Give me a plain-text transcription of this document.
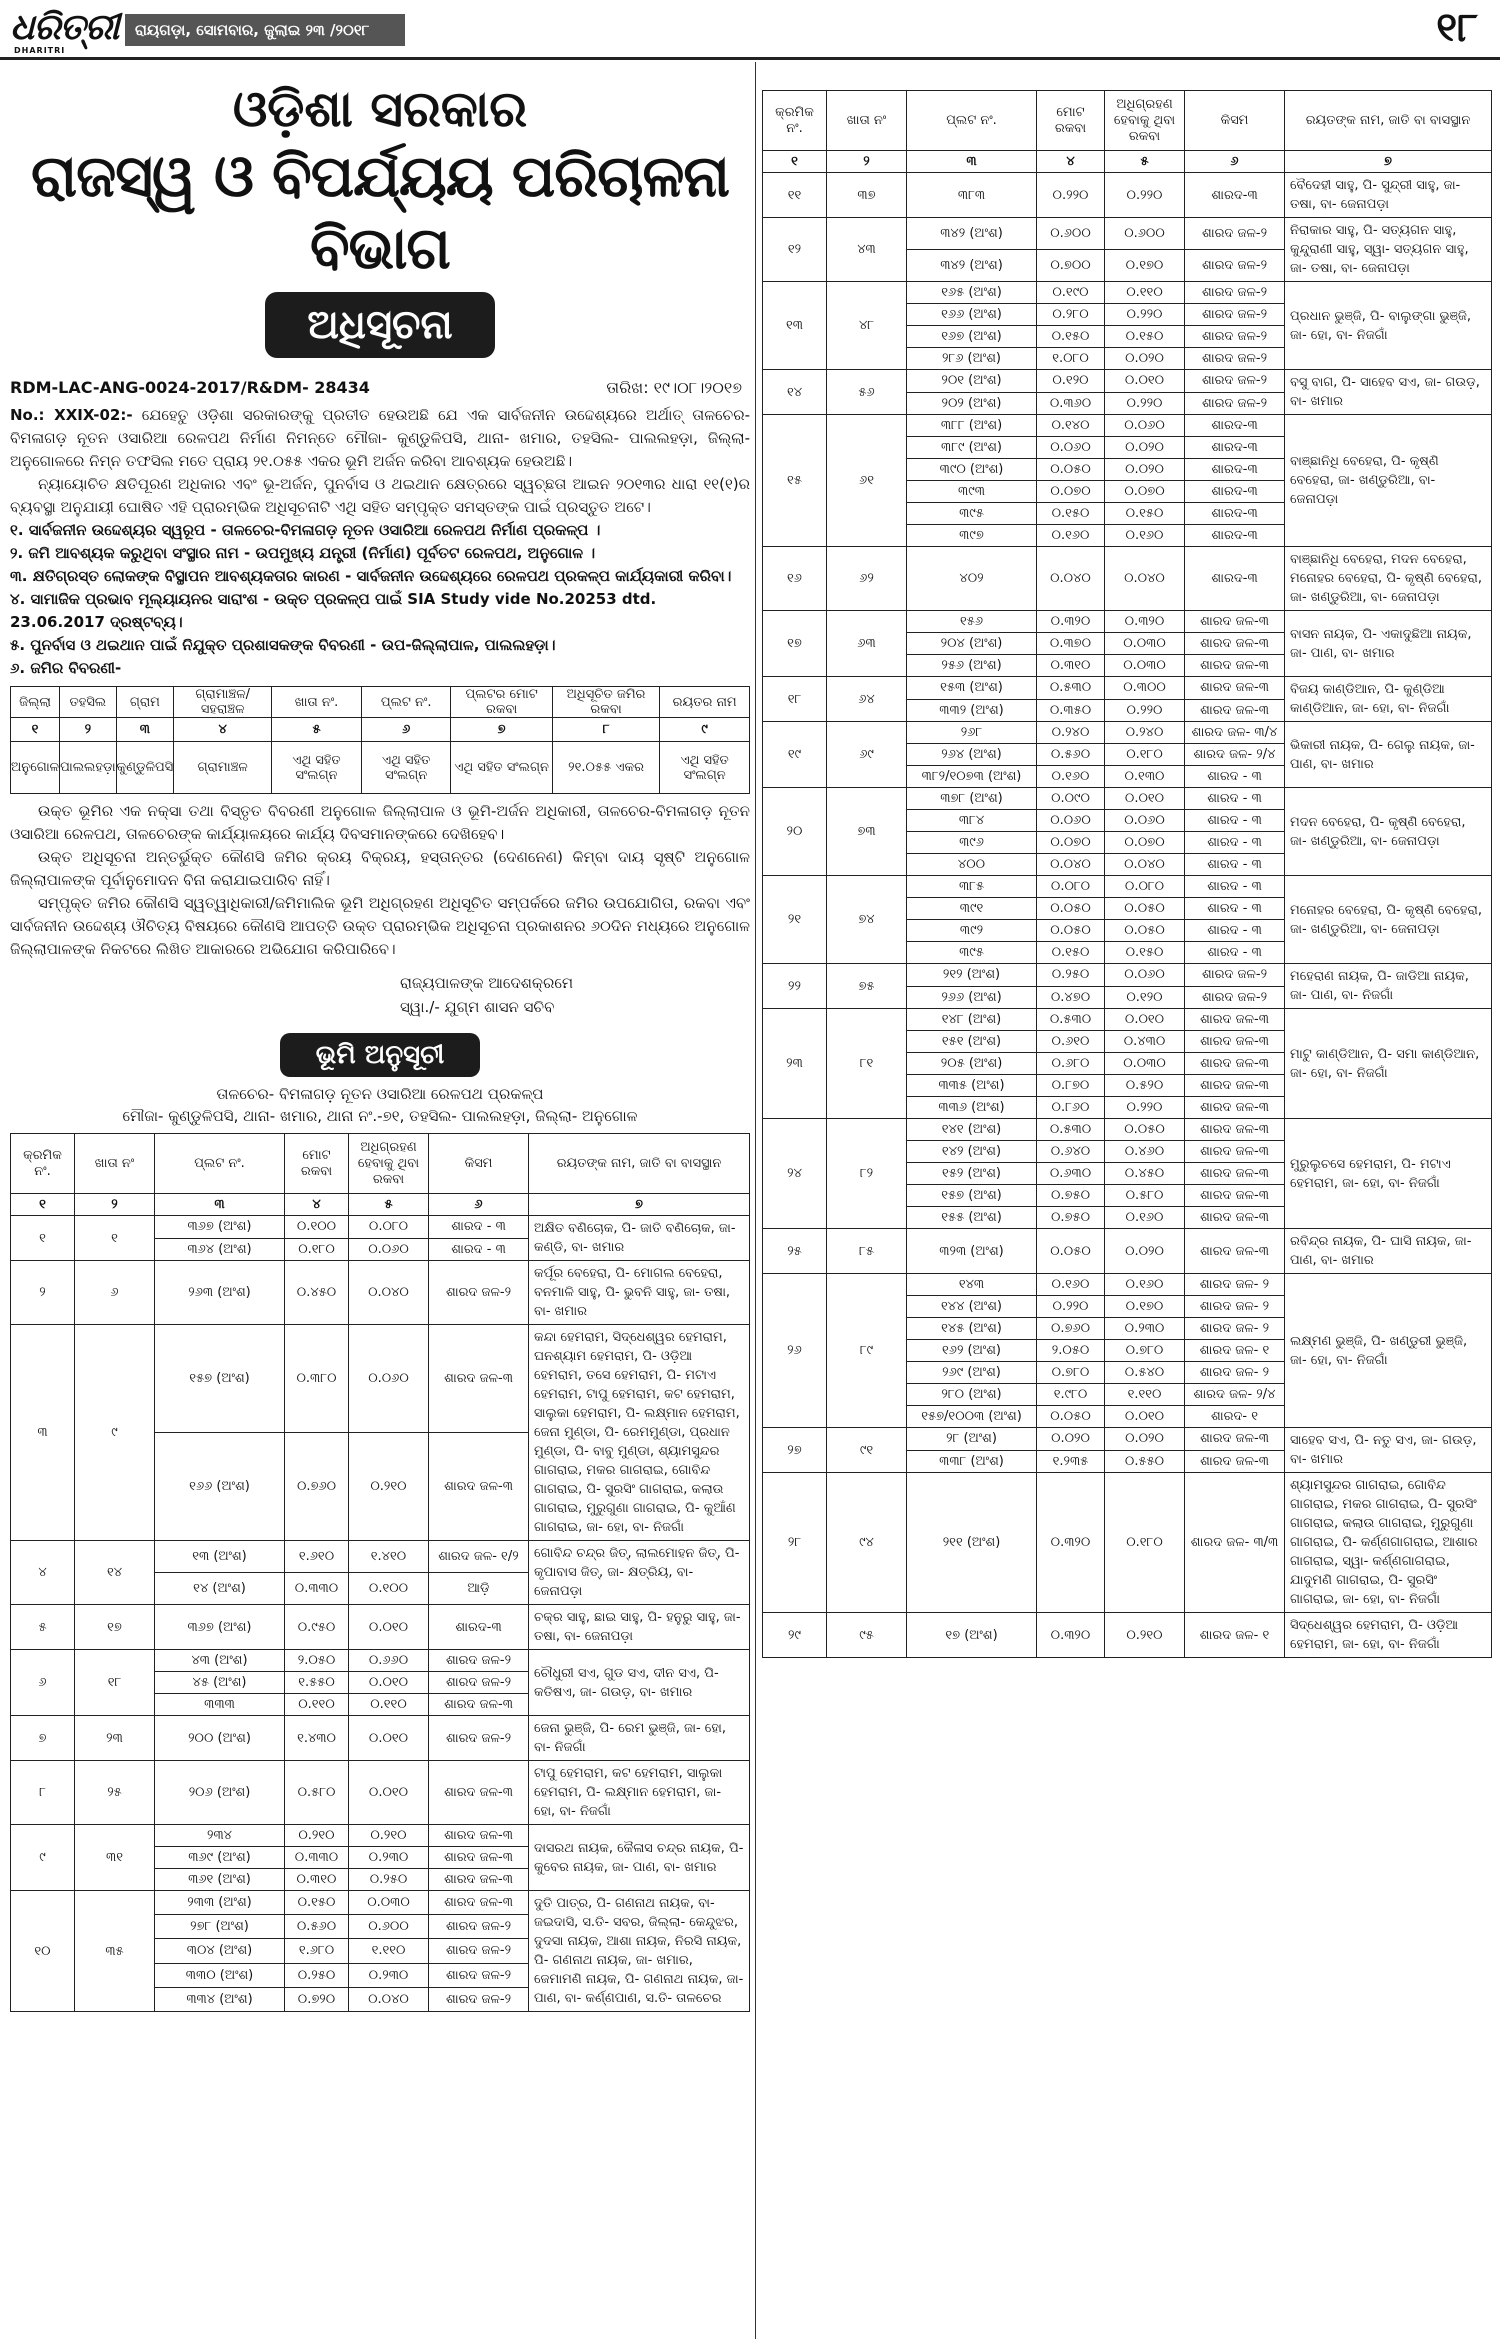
ଧରିତ୍ରୀ
DHARITRI
ରାୟଗଡ଼ା, ସୋମବାର, ଜୁଲାଇ ୨୩ /୨୦୧୮	୧୮
ଓଡ଼ିଶା ସରକାର
ରାଜସ୍ୱ ଓ ବିପର୍ଯ୍ୟୟ ପରିଚାଳନା ବିଭାଗ
ଅଧିସୂଚନା
RDM-LAC-ANG-0024-2017/R&DM- 28434	ତାରିଖ: ୧୯।୦୮।୨୦୧୭
No.: XXIX-02:- ଯେହେତୁ ଓଡ଼ିଶା ସରକାରଙ୍କୁ ପ୍ରତୀତ ହେଉଅଛି ଯେ ଏକ ସାର୍ବଜନୀନ ଉଦ୍ଦେଶ୍ୟରେ ଅର୍ଥାତ୍ ତାଳଚେର-ବିମଳାଗଡ଼ ନୂତନ ଓସାରିଆ ରେଳପଥ ନିର୍ମାଣ ନିମନ୍ତେ ମୌଜା- କୁଣ୍ଡୁଳିପସି, ଥାନା- ଖମାର, ତହସିଲ- ପାଲଲହଡ଼ା, ଜିଲ୍ଲା- ଅନୁଗୋଳରେ ନିମ୍ନ ତଫସିଲ ମତେ ପ୍ରାୟ ୨୧.୦୫୫ ଏକର ଭୂମି ଅର୍ଜନ କରିବା ଆବଶ୍ୟକ ହେଉଅଛି।
ନ୍ୟାୟୋଚିତ କ୍ଷତିପୂରଣ ଅଧିକାର ଏବଂ ଭୂ-ଅର୍ଜନ, ପୁନର୍ବାସ ଓ ଥଇଥାନ କ୍ଷେତ୍ରରେ ସ୍ୱଚ୍ଛତା ଆଇନ ୨୦୧୩ର ଧାରା ୧୧(୧)ର ବ୍ୟବସ୍ଥା ଅନୁଯାୟୀ ଘୋଷିତ ଏହି ପ୍ରାରମ୍ଭିକ ଅଧିସୂଚନାଟି ଏଥି ସହିତ ସମ୍ପୃକ୍ତ ସମସ୍ତଙ୍କ ପାଇଁ ପ୍ରସ୍ତୁତ ଅଟେ।
୧. ସାର୍ବଜନୀନ ଉଦ୍ଦେଶ୍ୟର ସ୍ୱରୂପ - ତାଳଚେର-ବିମଳାଗଡ଼ ନୂତନ ଓସାରିଆ ରେଳପଥ ନିର୍ମାଣ ପ୍ରକଳ୍ପ ।
୨. ଜମି ଆବଶ୍ୟକ କରୁଥିବା ସଂସ୍ଥାର ନାମ - ଉପମୁଖ୍ୟ ଯନ୍ତ୍ରୀ (ନିର୍ମାଣ) ପୂର୍ବତଟ ରେଳପଥ, ଅନୁଗୋଳ ।
୩. କ୍ଷତିଗ୍ରସ୍ତ ଲୋକଙ୍କ ବିସ୍ଥାପନ ଆବଶ୍ୟକତାର କାରଣ - ସାର୍ବଜନୀନ ଉଦ୍ଦେଶ୍ୟରେ ରେଳପଥ ପ୍ରକଳ୍ପ କାର୍ଯ୍ୟକାରୀ କରିବା।
୪. ସାମାଜିକ ପ୍ରଭାବ ମୂଲ୍ୟାୟନର ସାରାଂଶ - ଉକ୍ତ ପ୍ରକଳ୍ପ ପାଇଁ SIA Study vide No.20253 dtd. 23.06.2017 ଦ୍ରଷ୍ଟବ୍ୟ।
୫. ପୁନର୍ବାସ ଓ ଥଇଥାନ ପାଇଁ ନିଯୁକ୍ତ ପ୍ରଶାସକଙ୍କ ବିବରଣୀ - ଉପ-ଜିଲ୍ଲାପାଳ, ପାଲଲହଡ଼ା।
୬. ଜମିର ବିବରଣୀ-
ଜିଲ୍ଲା	ତହସିଲ	ଗ୍ରାମ	ଗ୍ରାମାଞ୍ଚଳ/ ସହରାଞ୍ଚଳ	ଖାତା ନଂ.	ପ୍ଲଟ ନଂ.	ପ୍ଲଟର ମୋଟ ରକବା	ଅଧିସୂଚିତ ଜମିର ରକବା	ରୟତର ନାମ
୧	୨	୩	୪	୫	୬	୭	୮	୯
ଅନୁଗୋଳ	ପାଲଲହଡ଼ା	କୁଣ୍ଡୁଳିପସି	ଗ୍ରାମାଞ୍ଚଳ	ଏଥି ସହିତ ସଂଲଗ୍ନ	ଏଥି ସହିତ ସଂଲଗ୍ନ	ଏଥି ସହିତ ସଂଲଗ୍ନ	୨୧.୦୫୫ ଏକର	ଏଥି ସହିତ ସଂଲଗ୍ନ
ଉକ୍ତ ଭୂମିର ଏକ ନକ୍ସା ତଥା ବିସ୍ତୃତ ବିବରଣୀ ଅନୁଗୋଳ ଜିଲ୍ଲାପାଳ ଓ ଭୂମି-ଅର୍ଜନ ଅଧିକାରୀ, ତାଳଚେର-ବିମଳାଗଡ଼ ନୂତନ ଓସାରିଆ ରେଳପଥ, ତାଳଚେରଙ୍କ କାର୍ଯ୍ୟାଳୟରେ କାର୍ଯ୍ୟ ଦିବସମାନଙ୍କରେ ଦେଖିହେବ।
ଉକ୍ତ ଅଧିସୂଚନା ଅନ୍ତର୍ଭୁକ୍ତ କୌଣସି ଜମିର କ୍ରୟ ବିକ୍ରୟ, ହସ୍ତାନ୍ତର (ଦେଣନେଣ) କିମ୍ବା ଦାୟ ସୃଷ୍ଟି ଅନୁଗୋଳ ଜିଲ୍ଲାପାଳଙ୍କ ପୂର୍ବାନୁମୋଦନ ବିନା କରାଯାଇପାରିବ ନାହିଁ।
ସମ୍ପୃକ୍ତ ଜମିର କୌଣସି ସ୍ୱତ୍ୱାଧିକାରୀ/ଜମିମାଲିକ ଭୂମି ଅଧିଗ୍ରହଣ ଅଧିସୂଚିତ ସମ୍ପର୍କରେ ଜମିର ଉପଯୋଗିତା, ରକବା ଏବଂ ସାର୍ବଜନୀନ ଉଦ୍ଦେଶ୍ୟ ଔଚିତ୍ୟ ବିଷୟରେ କୌଣସି ଆପତ୍ତି ଉକ୍ତ ପ୍ରାରମ୍ଭିକ ଅଧିସୂଚନା ପ୍ରକାଶନର ୬୦ଦିନ ମଧ୍ୟରେ ଅନୁଗୋଳ ଜିଲ୍ଲାପାଳଙ୍କ ନିକଟରେ ଲିଖିତ ଆକାରରେ ଅଭିଯୋଗ କରିପାରିବେ।
ରାଜ୍ୟପାଳଙ୍କ ଆଦେଶକ୍ରମେ
ସ୍ୱା./- ଯୁଗ୍ମ ଶାସନ ସଚିବ
ଭୂମି ଅନୁସୂଚୀ
ତାଳଚେର- ବିମଳାଗଡ଼ ନୂତନ ଓସାରିଆ ରେଳପଥ ପ୍ରକଳ୍ପ
ମୌଜା- କୁଣ୍ଡୁଳିପସି, ଥାନା- ଖମାର, ଥାନା ନଂ.-୭୧, ତହସିଲ- ପାଲଲହଡ଼ା, ଜିଲ୍ଲା- ଅନୁଗୋଳ
କ୍ରମିକ ନଂ.	ଖାତା ନଂ	ପ୍ଲଟ ନଂ.	ମୋଟ ରକବା	ଅଧିଗ୍ରହଣ ହେବାକୁ ଥିବା ରକବା	କିସମ	ରୟତଙ୍କ ନାମ, ଜାତି ବା ବାସସ୍ଥାନ
୧	୨	୩	୪	୫	୬	୭
୧	୧	୩୬୭ (ଅଂଶ)	୦.୧୦୦	୦.୦୮୦	ଶାରଦ - ୩	ଅକ୍ଷିତ ବଣିଚୋକ, ପି- ଜାତି ବଣିଚୋକ, ଜା- କଣ୍ଡି, ବା- ଖମାର
		୩୬୪ (ଅଂଶ)	୦.୧୮୦	୦.୦୬୦	ଶାରଦ - ୩	
୨	୬	୨୬୩ (ଅଂଶ)	୦.୪୫୦	୦.୦୪୦	ଶାରଦ ଜଳ-୨	କର୍ପୂର ବେହେରା, ପି- ମୋଗଲ ବେହେରା, ବନମାଳି ସାହୁ, ପି- ଭୁବନି ସାହୁ, ଜା- ତଷା, ବା- ଖମାର
୩	୯	୧୫୭ (ଅଂଶ)	୦.୩୮୦	୦.୦୬୦	ଶାରଦ ଜଳ-୩	କନ୍ଦା ହେମରାମ, ସିଦ୍ଧେଶ୍ୱର ହେମରାମ, ଘନଶ୍ୟାମ ହେମରାମ, ପି- ଓଡ଼ିଆ ହେମରାମ, ତସେ ହେମରାମ, ପି- ମଟାଏ ହେମରାମ, ଟାପୁ ହେମରାମ, କଟ ହେମରାମ, ସାଲୁକା ହେମରାମ, ପି- ଲକ୍ଷ୍ମାନ ହେମରାମ, ଜେନା ମୁଣ୍ଡା, ପି- ରେମମୁଣ୍ଡା, ପ୍ରଧାନ ମୁଣ୍ଡା, ପି- ବାବୁ ମୁଣ୍ଡା, ଶ୍ୟାମସୁନ୍ଦର ଗାଗରାଇ, ମକର ଗାଗରାଇ, ଗୋବିନ୍ଦ ଗାଗରାଇ, ପି- ସୁରସିଂ ଗାଗରାଇ, କଲାଉ ଗାଗରାଇ, ମୁରୁଗୁଣା ଗାଗରାଇ, ପି- କୁଆଁଣ ଗାଗରାଇ, ଜା- ହୋ, ବା- ନିଜଗାଁ
		୧୬୬ (ଅଂଶ)	୦.୭୬୦	୦.୨୧୦	ଶାରଦ ଜଳ-୩	
୪	୧୪	୧୩ (ଅଂଶ)	୧.୬୧୦	୧.୪୧୦	ଶାରଦ ଜଳ- ୧/୨	ଗୋବିନ୍ଦ ଚନ୍ଦ୍ର ଜିତ୍, ଲାଲମୋହନ ଜିତ୍, ପି- କୃପାବାସ ଜିତ୍, ଜା- କ୍ଷତ୍ରିୟ, ବା- ଜେନାପଡ଼ା
		୧୪ (ଅଂଶ)	୦.୩୩୦	୦.୧୦୦	ଆଡ଼ି	
୫	୧୭	୩୬୭ (ଅଂଶ)	୦.୯୫୦	୦.୦୧୦	ଶାରଦ-୩	ଚକ୍ର ସାହୁ, ଛାଇ ସାହୁ, ପି- ହନୁରୁ ସାହୁ, ଜା- ତଷା, ବା- ଜେନାପଡ଼ା
୬	୧୮	୪୩ (ଅଂଶ)	୨.୦୫୦	୦.୬୬୦	ଶାରଦ ଜଳ-୨	ଚୌଧୁରୀ ସଏ, ଗୁଡ ସଏ, ଦୀନ ସଏ, ପି- କତିଷଏ, ଜା- ଗଉଡ଼, ବା- ଖମାର
		୪୫ (ଅଂଶ)	୧.୫୫୦	୦.୦୧୦	ଶାରଦ ଜଳ-୨	
		୩୩୩	୦.୧୧୦	୦.୧୧୦	ଶାରଦ ଜଳ-୩	
୭	୨୩	୨୦୦ (ଅଂଶ)	୧.୪୩୦	୦.୦୧୦	ଶାରଦ ଜଳ-୨	ଜେନା ଭୁଞ୍ଜି, ପି- ରେମ ଭୁଞ୍ଜି, ଜା- ହୋ, ବା- ନିଜଗାଁ
୮	୨୫	୨୦୬ (ଅଂଶ)	୦.୫୮୦	୦.୦୧୦	ଶାରଦ ଜଳ-୩	ଟାପୁ ହେମରାମ, କଟ ହେମରାମ, ସାଲୁକା ହେମରାମ, ପି- ଲକ୍ଷ୍ମାନ ହେମରାମ, ଜା- ହୋ, ବା- ନିଜଗାଁ
୯	୩୧	୨୩୪	୦.୨୧୦	୦.୨୧୦	ଶାରଦ ଜଳ-୩	ଦାସରଥ ନାୟକ, କୈଳାସ ଚନ୍ଦ୍ର ନାୟକ, ପି- କୁବେର ନାୟକ, ଜା- ପାଣ, ବା- ଖମାର
		୩୬୯ (ଅଂଶ)	୦.୩୩୦	୦.୨୩୦	ଶାରଦ ଜଳ-୩	
		୩୬୧ (ଅଂଶ)	୦.୩୧୦	୦.୨୫୦	ଶାରଦ ଜଳ-୩	
୧୦	୩୫	୨୩୩ (ଅଂଶ)	୦.୧୫୦	୦.୦୩୦	ଶାରଦ ଜଳ-୩	ଦୁତି ପାତ୍ର, ପି- ଗଣନାଥ ନାୟକ, ବା- ଜଇଦାସି, ସ.ତି- ସବର, ଜିଲ୍ଲା- କେନ୍ଦୁଝର, ଦୁଦସା ନାୟକ, ଆଶା ନାୟକ, ନିରସି ନାୟକ, ପି- ଗଣନାଥ ନାୟକ, ଜା- ଖମାର, ଜେମାମଣି ନାୟକ, ପି- ଗଣନାଥ ନାୟକ, ଜା- ପାଣ, ବା- କର୍ଣ୍ଣପାଣ, ସ.ତି- ତାଳଚେର
		୨୭୮ (ଅଂଶ)	୦.୫୬୦	୦.୬୦୦	ଶାରଦ ଜଳ-୨	
		୩୦୪ (ଅଂଶ)	୧.୬୮୦	୧.୧୧୦	ଶାରଦ ଜଳ-୨	
		୩୩୦ (ଅଂଶ)	୦.୨୫୦	୦.୨୩୦	ଶାରଦ ଜଳ-୨	
		୩୩୪ (ଅଂଶ)	୦.୭୨୦	୦.୦୪୦	ଶାରଦ ଜଳ-୨	
କ୍ରମିକ ନଂ.	ଖାତା ନଂ	ପ୍ଲଟ ନଂ.	ମୋଟ ରକବା	ଅଧିଗ୍ରହଣ ହେବାକୁ ଥିବା ରକବା	କିସମ	ରୟତଙ୍କ ନାମ, ଜାତି ବା ବାସସ୍ଥାନ
୧	୨	୩	୪	୫	୬	୭
୧୧	୩୭	୩୮୩	୦.୨୨୦	୦.୨୨୦	ଶାରଦ-୩	ବୈଦେହୀ ସାହୁ, ପି- ସୁନ୍ଦ୍ରୀ ସାହୁ, ଜା- ତଷା, ବା- ଜେନାପଡ଼ା
୧୨	୪୩	୩୪୨ (ଅଂଶ)	୦.୬୦୦	୦.୬୦୦	ଶାରଦ ଜଳ-୨	ନିରାକାର ସାହୁ, ପି- ସତ୍ୟଗନ ସାହୁ, କୁନ୍ଦୁରାଣୀ ସାହୁ, ସ୍ୱା- ସତ୍ୟଗନ ସାହୁ, ଜା- ତଷା, ବା- ଜେନାପଡ଼ା
		୩୪୨ (ଅଂଶ)	୦.୭୦୦	୦.୧୭୦	ଶାରଦ ଜଳ-୨	
୧୩	୪୮	୧୬୫ (ଅଂଶ)	୦.୧୯୦	୦.୧୧୦	ଶାରଦ ଜଳ-୨	ପ୍ରଧାନ ଭୁଞ୍ଜି, ପି- ବାଲୁଙ୍ଗା ଭୁଞ୍ଜି, ଜା- ହୋ, ବା- ନିଜଗାଁ
		୧୬୬ (ଅଂଶ)	୦.୨୮୦	୦.୨୨୦	ଶାରଦ ଜଳ-୨	
		୧୬୭ (ଅଂଶ)	୦.୧୫୦	୦.୧୫୦	ଶାରଦ ଜଳ-୨	
		୨୮୬ (ଅଂଶ)	୧.୦୮୦	୦.୦୨୦	ଶାରଦ ଜଳ-୨	
୧୪	୫୬	୨୦୧ (ଅଂଶ)	୦.୧୨୦	୦.୦୧୦	ଶାରଦ ଜଳ-୨	ବସୁ ବାଗ, ପି- ସାହେବ ସଏ, ଜା- ଗଉଡ଼, ବା- ଖମାର
		୨୦୨ (ଅଂଶ)	୦.୩୬୦	୦.୨୨୦	ଶାରଦ ଜଳ-୨	
୧୫	୬୧	୩୮୮ (ଅଂଶ)	୦.୧୪୦	୦.୦୬୦	ଶାରଦ-୩	ବାଞ୍ଛାନିଧି ବେହେରା, ପି- କୃଷ୍ଣି ବେହେରା, ଜା- ଖଣ୍ଡୁରିଆ, ବା- ଜେନାପଡ଼ା
		୩୮୯ (ଅଂଶ)	୦.୦୬୦	୦.୦୨୦	ଶାରଦ-୩	
		୩୯୦ (ଅଂଶ)	୦.୦୫୦	୦.୦୨୦	ଶାରଦ-୩	
		୩୯୩	୦.୦୭୦	୦.୦୭୦	ଶାରଦ-୩	
		୩୯୫	୦.୧୫୦	୦.୧୫୦	ଶାରଦ-୩	
		୩୯୭	୦.୧୬୦	୦.୧୬୦	ଶାରଦ-୩	
୧୬	୬୨	୪୦୨	୦.୦୪୦	୦.୦୪୦	ଶାରଦ-୩	ବାଞ୍ଛାନିଧି ବେହେରା, ମଦନ ବେହେରା, ମନୋହର ବେହେରା, ପି- କୃଷ୍ଣି ବେହେରା, ଜା- ଖଣ୍ଡୁରିଆ, ବା- ଜେନାପଡ଼ା
୧୭	୬୩	୧୫୬	୦.୩୨୦	୦.୩୨୦	ଶାରଦ ଜଳ-୩	ବାସନ ନାୟକ, ପି- ଏକାଦୁଛିଆ ନାୟକ, ଜା- ପାଣ, ବା- ଖମାର
		୨୦୪ (ଅଂଶ)	୦.୩୭୦	୦.୦୩୦	ଶାରଦ ଜଳ-୩	
		୨୫୬ (ଅଂଶ)	୦.୩୧୦	୦.୦୩୦	ଶାରଦ ଜଳ-୩	
୧୮	୬୪	୧୫୩ (ଅଂଶ)	୦.୫୩୦	୦.୩୦୦	ଶାରଦ ଜଳ-୩	ବିଜୟ କାଣ୍ଡିଆନ, ପି- କୁଣ୍ଡିଆ କାଣ୍ଡିଆନ, ଜା- ହୋ, ବା- ନିଜଗାଁ
		୩୩୨ (ଅଂଶ)	୦.୩୫୦	୦.୨୨୦	ଶାରଦ ଜଳ-୩	
୧୯	୬୯	୨୬୮	୦.୨୪୦	୦.୨୪୦	ଶାରଦ ଜଳ- ୩/୪	ଭିକାରୀ ନାୟକ, ପି- ଗେଲୁ ନାୟକ, ଜା- ପାଣ, ବା- ଖମାର
		୨୬୪ (ଅଂଶ)	୦.୫୬୦	୦.୧୮୦	ଶାରଦ ଜଳ- ୨/୪	
		୩୮୨/୧୦୭୩ (ଅଂଶ)	୦.୧୬୦	୦.୧୩୦	ଶାରଦ - ୩	
୨୦	୭୩	୩୭୮ (ଅଂଶ)	୦.୦୯୦	୦.୦୧୦	ଶାରଦ - ୩	ମଦନ ବେହେରା, ପି- କୃଷ୍ଣି ବେହେରା, ଜା- ଖଣ୍ଡୁରିଆ, ବା- ଜେନାପଡ଼ା
		୩୮୪	୦.୦୬୦	୦.୦୬୦	ଶାରଦ - ୩	
		୩୯୬	୦.୦୭୦	୦.୦୭୦	ଶାରଦ - ୩	
		୪୦୦	୦.୦୪୦	୦.୦୪୦	ଶାରଦ - ୩	
୨୧	୭୪	୩୮୫	୦.୦୮୦	୦.୦୮୦	ଶାରଦ - ୩	ମନୋହର ବେହେରା, ପି- କୃଷ୍ଣି ବେହେରା, ଜା- ଖଣ୍ଡୁରିଆ, ବା- ଜେନାପଡ଼ା
		୩୯୧	୦.୦୫୦	୦.୦୫୦	ଶାରଦ - ୩	
		୩୯୨	୦.୦୫୦	୦.୦୫୦	ଶାରଦ - ୩	
		୩୯୫	୦.୧୫୦	୦.୧୫୦	ଶାରଦ - ୩	
୨୨	୭୫	୨୧୨ (ଅଂଶ)	୦.୨୫୦	୦.୦୬୦	ଶାରଦ ଜଳ-୨	ମହେରାଣ ନାୟକ, ପି- ଜାଡିଆ ନାୟକ, ଜା- ପାଣ, ବା- ନିଜଗାଁ
		୨୬୬ (ଅଂଶ)	୦.୪୭୦	୦.୧୨୦	ଶାରଦ ଜଳ-୨	
୨୩	୮୧	୧୪୮ (ଅଂଶ)	୦.୫୩୦	୦.୦୧୦	ଶାରଦ ଜଳ-୩	ମାଟୁ କାଣ୍ଡିଆନ, ପି- ସମା କାଣ୍ଡିଆନ, ଜା- ହୋ, ବା- ନିଜଗାଁ
		୧୫୧ (ଅଂଶ)	୦.୬୧୦	୦.୪୩୦	ଶାରଦ ଜଳ-୩	
		୨୦୫ (ଅଂଶ)	୦.୬୮୦	୦.୦୩୦	ଶାରଦ ଜଳ-୩	
		୩୩୫ (ଅଂଶ)	୦.୮୭୦	୦.୫୨୦	ଶାରଦ ଜଳ-୩	
		୩୩୬ (ଅଂଶ)	୦.୮୬୦	୦.୨୨୦	ଶାରଦ ଜଳ-୩	
୨୪	୮୨	୧୪୧ (ଅଂଶ)	୦.୫୩୦	୦.୦୫୦	ଶାରଦ ଜଳ-୩	ମୁରୁଲୁଚସେ ହେମରାମ, ପି- ମଟାଏ ହେମରାମ, ଜା- ହୋ, ବା- ନିଜଗାଁ
		୧୪୨ (ଅଂଶ)	୦.୬୪୦	୦.୪୬୦	ଶାରଦ ଜଳ-୩	
		୧୫୨ (ଅଂଶ)	୦.୬୩୦	୦.୪୫୦	ଶାରଦ ଜଳ-୩	
		୧୫୭ (ଅଂଶ)	୦.୭୫୦	୦.୫୮୦	ଶାରଦ ଜଳ-୩	
		୧୫୫ (ଅଂଶ)	୦.୭୫୦	୦.୧୬୦	ଶାରଦ ଜଳ-୩	
୨୫	୮୫	୩୨୩ (ଅଂଶ)	୦.୦୫୦	୦.୦୨୦	ଶାରଦ ଜଳ-୩	ରବିନ୍ଦ୍ର ନାୟକ, ପି- ଘାସି ନାୟକ, ଜା- ପାଣ, ବା- ଖମାର
୨୬	୮୯	୧୪୩	୦.୧୬୦	୦.୧୬୦	ଶାରଦ ଜଳ- ୨	ଲକ୍ଷ୍ମଣ ଭୁଞ୍ଜି, ପି- ଖଣ୍ଡୁରୀ ଭୁଞ୍ଜି, ଜା- ହୋ, ବା- ନିଜଗାଁ
		୧୪୪ (ଅଂଶ)	୦.୨୨୦	୦.୧୭୦	ଶାରଦ ଜଳ- ୨	
		୧୪୫ (ଅଂଶ)	୦.୭୬୦	୦.୨୩୦	ଶାରଦ ଜଳ- ୨	
		୧୬୨ (ଅଂଶ)	୨.୦୫୦	୦.୭୮୦	ଶାରଦ ଜଳ- ୧	
		୨୬୯ (ଅଂଶ)	୦.୭୮୦	୦.୫୪୦	ଶାରଦ ଜଳ- ୨	
		୨୮୦ (ଅଂଶ)	୧.୯୮୦	୧.୧୧୦	ଶାରଦ ଜଳ- ୨/୪	
		୧୫୭/୧୦୦୩ (ଅଂଶ)	୦.୦୫୦	୦.୦୧୦	ଶାରଦ- ୧	
୨୭	୯୧	୨୮ (ଅଂଶ)	୦.୦୨୦	୦.୦୨୦	ଶାରଦ ଜଳ-୩	ସାହେବ ସଏ, ପି- ନତୁ ସଏ, ଜା- ଗଉଡ଼, ବା- ଖମାର
		୩୩୮ (ଅଂଶ)	୧.୨୩୫	୦.୫୫୦	ଶାରଦ ଜଳ-୩	
୨୮	୯୪	୨୧୧ (ଅଂଶ)	୦.୩୨୦	୦.୧୮୦	ଶାରଦ ଜଳ- ୩/୩	ଶ୍ୟାମସୁନ୍ଦର ଗାଗରାଇ, ଗୋବିନ୍ଦ ଗାଗରାଇ, ମକର ଗାଗରାଇ, ପି- ସୁରସିଂ ଗାଗରାଇ, କଲାଉ ଗାଗରାଇ, ମୁରୁଗୁଣା ଗାଗରାଇ, ପି- କର୍ଣ୍ଣଗାଗରାଇ, ଆଶାର ଗାଗରାଇ, ସ୍ୱା- କର୍ଣ୍ଣଗାଗରାଇ, ଯାଦୁମଣି ଗାଗରାଇ, ପି- ସୁରସିଂ ଗାଗରାଇ, ଜା- ହୋ, ବା- ନିଜଗାଁ
୨୯	୯୫	୧୭ (ଅଂଶ)	୦.୩୨୦	୦.୨୧୦	ଶାରଦ ଜଳ- ୧	ସିଦ୍ଧେଶ୍ୱର ହେମରାମ, ପି- ଓଡ଼ିଆ ହେମରାମ, ଜା- ହୋ, ବା- ନିଜଗାଁ
